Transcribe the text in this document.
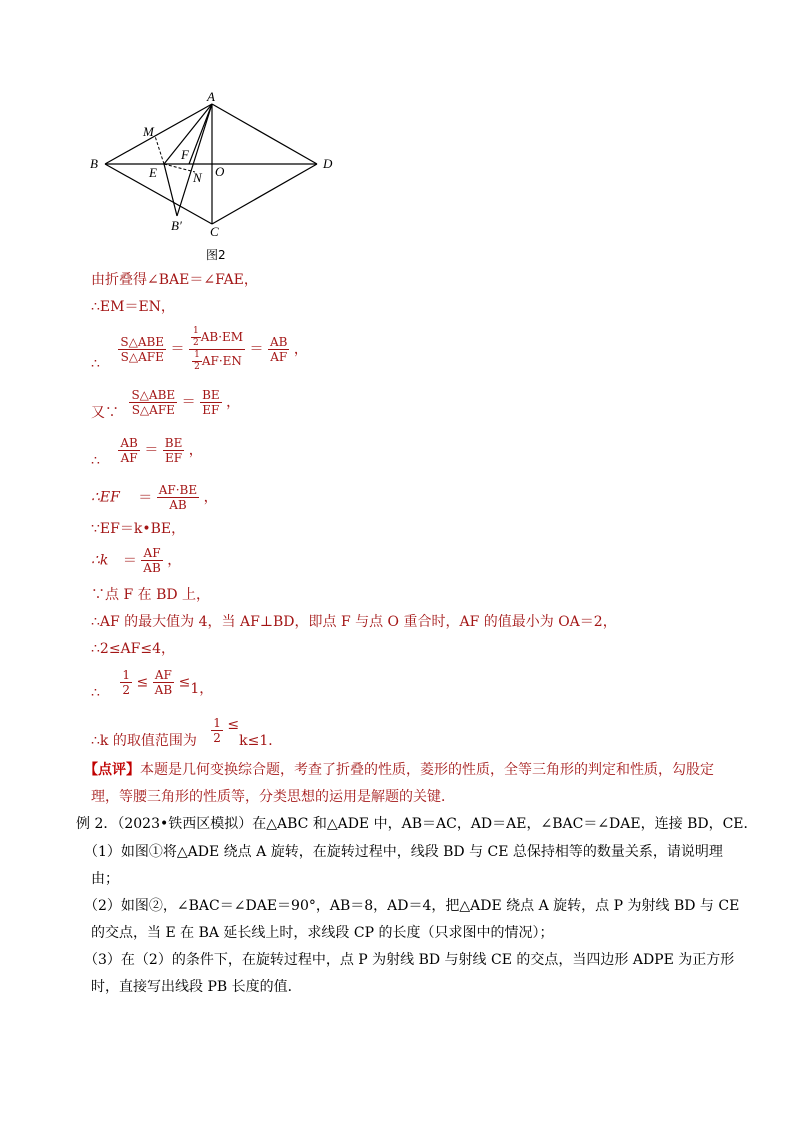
A
M
B
F
E	N O
D
B′ C
图2
由折叠得∠BAE＝∠FAE，
∴EM＝EN，
∴ $\frac{\text{S△ABE}}{\text{S△AFE}} = \frac{\frac{1}{2} AB\cdot EM}{\frac{1}{2} AF\cdot EN} = \frac{AB}{AF}$ ，
又∵ $\frac{\text{S△ABE}}{\text{S△AFE}} = \frac{BE}{EF}$ ，
∴ $\frac{AB}{AF} = \frac{BE}{EF}$ ，
∴EF ＝ $\frac{AF\cdot BE}{AB}$ ，
∵EF＝k•BE，
∴k ＝ $\frac{AF}{AB}$ ，
∵点 F 在 BD 上，
∴AF 的最大值为 4，当 AF⊥BD，即点 F 与点 O 重合时，AF 的值最小为 OA＝2，
∴2≤AF≤4，
∴ $\frac{1}{2} \le \frac{AF}{AB} \le 1$，
∴k 的取值范围为 $\frac{1}{2} \le k\le 1$．
【点评】本题是几何变换综合题，考查了折叠的性质，菱形的性质，全等三角形的判定和性质，勾股定
理，等腰三角形的性质等，分类思想的运用是解题的关键．
例 2．（2023•铁西区模拟）在△ABC 和△ADE 中，AB＝AC，AD＝AE，∠BAC＝∠DAE，连接 BD，CE．
（1）如图①将△ADE 绕点 A 旋转，在旋转过程中，线段 BD 与 CE 总保持相等的数量关系，请说明理
由；
（2）如图②，∠BAC＝∠DAE＝90°，AB＝8，AD＝4，把△ADE 绕点 A 旋转，点 P 为射线 BD 与 CE
的交点，当 E 在 BA 延长线上时，求线段 CP 的长度（只求图中的情况）；
（3）在（2）的条件下，在旋转过程中，点 P 为射线 BD 与射线 CE 的交点，当四边形 ADPE 为正方形
时，直接写出线段 PB 长度的值．
